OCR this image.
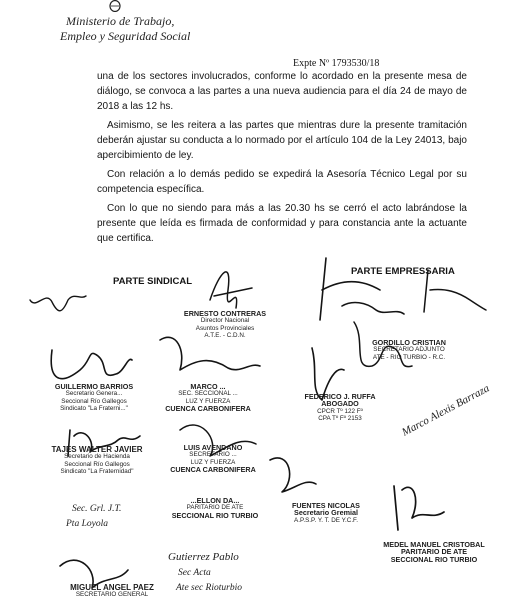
Ministerio de Trabajo,
Empleo y Seguridad Social
Expte Nº 1793530/18

una de los sectores involucrados, conforme lo acordado en la presente mesa de diálogo, se convoca a las partes a una nueva audiencia para el día 24 de mayo de 2018 a las 12 hs.

Asimismo, se les reitera a las partes que mientras dure la presente tramitación deberán ajustar su conducta a lo normado por el artículo 104 de la Ley 24013, bajo apercibimiento de ley.

Con relación a lo demás pedido se expedirá la Asesoría Técnico Legal por su competencia específica.

Con lo que no siendo para más a las 20.30 hs se cerró el acto labrándose la presente que leída es firmada de conformidad y para constancia ante la actuante que certifica.

PARTE SINDICAL
PARTE EMPRESSARIA
ERNESTO CONTRERAS
Director Nacional
Asuntos Provinciales
A.T.E. - C.D.N.
GORDILLO CRISTIAN
SECRETARIO ADJUNTO
ATE - RIO TURBIO - R.C.
GUILLERMO BARRIOS
Secretario Genera...
Seccional Río Gallegos
Sindicato "La Fraterni..."
MARCO ...
SEC. SECCIONAL ...
LUZ Y FUERZA
CUENCA CARBONIFERA
FEDERICO J. RUFFA
ABOGADO
CPCR Tº 122 Fº
CPA Tº Fº 2153
TAJES WALTER JAVIER
Secretario de Hacienda
Seccional Río Gallegos
Sindicato "La Fraternidad"
LUIS AVENDAÑO
SECRETARIO ...
LUZ Y FUERZA
CUENCA CARBONIFERA
...ELLON DA...
PARITARIO DE ATE
SECCIONAL RIO TURBIO
FUENTES NICOLAS
Secretario Gremial
A.P.S.P. Y. T. DE Y.C.F.
MEDEL MANUEL CRISTOBAL
PARITARIO DE ATE
SECCIONAL RIO TURBIO
MIGUEL ANGEL PAEZ
SECRETARIO GENERAL
Sec. Grl. J.T.
Pta Loyola
Gutierrez Pablo
Sec Acta
Ate sec Rioturbio
Marco Alexis Barraza
